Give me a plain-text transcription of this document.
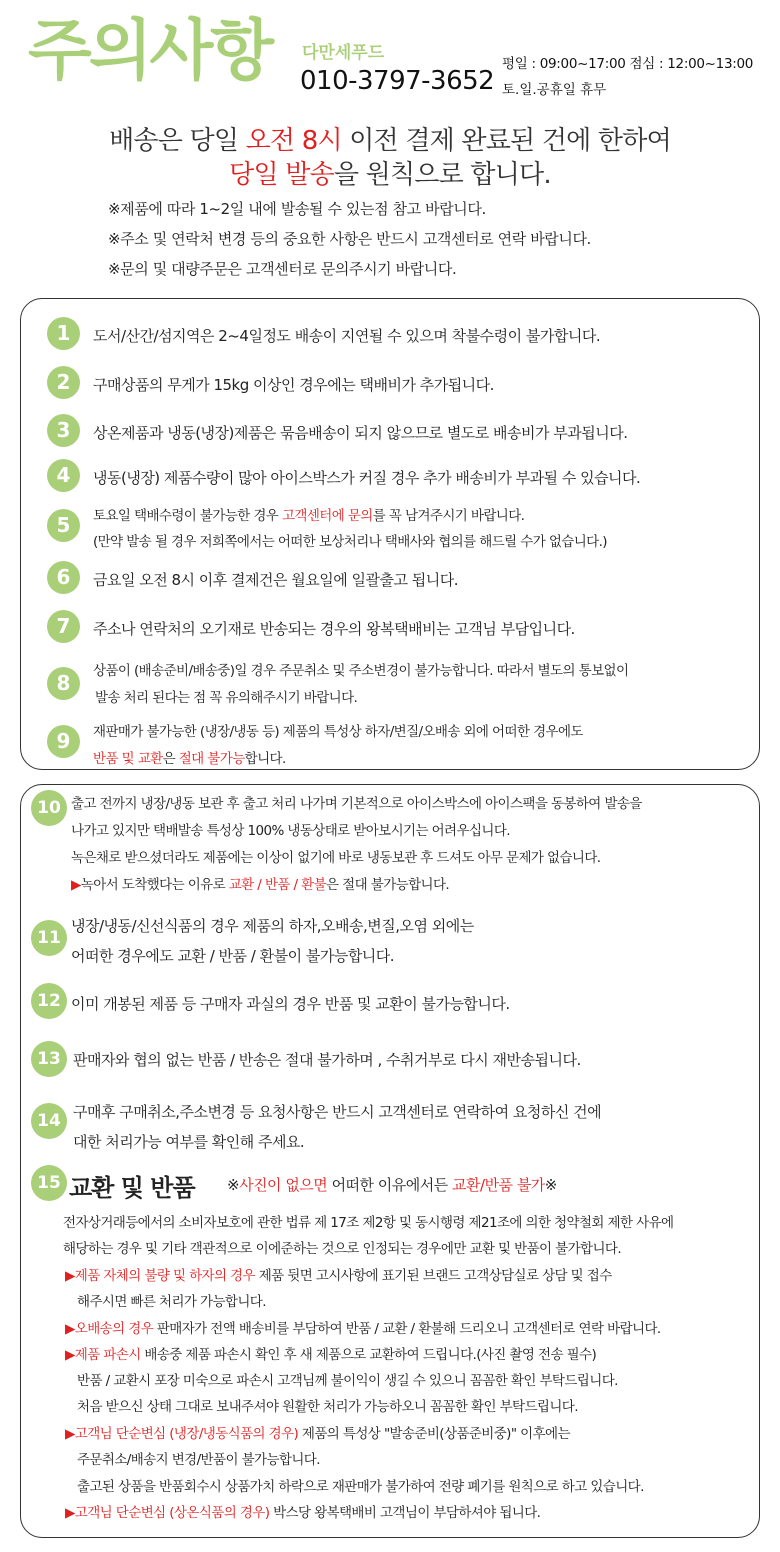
주의사항 다만세푸드
010-3797-3652
평일 : 09:00~17:00 점심 : 12:00~13:00
토.일.공휴일 휴무
배송은 당일 오전 8시 이전 결제 완료된 건에 한하여
당일 발송을 원칙으로 합니다.
※제품에 따라 1~2일 내에 발송될 수 있는점 참고 바랍니다.
※주소 및 연락처 변경 등의 중요한 사항은 반드시 고객센터로 연락 바랍니다.
※문의 및 대량주문은 고객센터로 문의주시기 바랍니다.
1	도서/산간/섬지역은 2~4일정도 배송이 지연될 수 있으며 착불수령이 불가합니다.
2	구매상품의 무게가 15kg 이상인 경우에는 택배비가 추가됩니다.
3	상온제품과 냉동(냉장)제품은 묶음배송이 되지 않으므로 별도로 배송비가 부과됩니다.
4	냉동(냉장) 제품수량이 많아 아이스박스가 커질 경우 추가 배송비가 부과될 수 있습니다.
5	토요일 택배수령이 불가능한 경우 고객센터에 문의를 꼭 남겨주시기 바랍니다.
(만약 발송 될 경우 저희쪽에서는 어떠한 보상처리나 택배사와 협의를 해드릴 수가 없습니다.)
6	금요일 오전 8시 이후 결제건은 월요일에 일괄출고 됩니다.
7	주소나 연락처의 오기재로 반송되는 경우의 왕복택배비는 고객님 부담입니다.
8	상품이 (배송준비/배송중)일 경우 주문취소 및 주소변경이 불가능합니다. 따라서 별도의 통보없이
발송 처리 된다는 점 꼭 유의해주시기 바랍니다.
9	재판매가 불가능한 (냉장/냉동 등) 제품의 특성상 하자/변질/오배송 외에 어떠한 경우에도
반품 및 교환은 절대 불가능합니다.
10 출고 전까지 냉장/냉동 보관 후 출고 처리 나가며 기본적으로 아이스박스에 아이스팩을 동봉하여 발송을
나가고 있지만 택배발송 특성상 100% 냉동상태로 받아보시기는 어려우십니다.
녹은채로 받으셨더라도 제품에는 이상이 없기에 바로 냉동보관 후 드셔도 아무 문제가 없습니다.
▶녹아서 도착했다는 이유로 교환 / 반품 / 환불은 절대 불가능합니다.
11
냉장/냉동/신선식품의 경우 제품의 하자,오배송,변질,오염 외에는
어떠한 경우에도 교환 / 반품 / 환불이 불가능합니다.
12 이미 개봉된 제품 등 구매자 과실의 경우 반품 및 교환이 불가능합니다.
13 판매자와 협의 없는 반품 / 반송은 절대 불가하며 , 수취거부로 다시 재반송됩니다.
14 구매후 구매취소,주소변경 등 요청사항은 반드시 고객센터로 연락하여 요청하신 건에
대한 처리가능 여부를 확인해 주세요.
15 교환 및 반품 ※사진이 없으면 어떠한 이유에서든 교환/반품 불가※
전자상거래등에서의 소비자보호에 관한 법류 제 17조 제2항 및 동시행령 제21조에 의한 청약철회 제한 사유에
해당하는 경우 및 기타 객관적으로 이에준하는 것으로 인정되는 경우에만 교환 및 반품이 불가합니다.
▶제품 자체의 불량 및 하자의 경우 제품 뒷면 고시사항에 표기된 브랜드 고객상담실로 상담 및 접수
해주시면 빠른 처리가 가능합니다.
▶오배송의 경우 판매자가 전액 배송비를 부담하여 반품 / 교환 / 환불해 드리오니 고객센터로 연락 바랍니다.
▶제품 파손시 배송중 제품 파손시 확인 후 새 제품으로 교환하여 드립니다.(사진 촬영 전송 필수)
반품 / 교환시 포장 미숙으로 파손시 고객님께 불이익이 생길 수 있으니 꼼꼼한 확인 부탁드립니다.
처음 받으신 상태 그대로 보내주셔야 원활한 처리가 가능하오니 꼼꼼한 확인 부탁드립니다.
▶고객님 단순변심 (냉장/냉동식품의 경우) 제품의 특성상 "발송준비(상품준비중)" 이후에는
주문취소/배송지 변경/반품이 불가능합니다.
출고된 상품을 반품회수시 상품가치 하락으로 재판매가 불가하여 전량 폐기를 원칙으로 하고 있습니다.
▶고객님 단순변심 (상온식품의 경우) 박스당 왕복택배비 고객님이 부담하셔야 됩니다.
